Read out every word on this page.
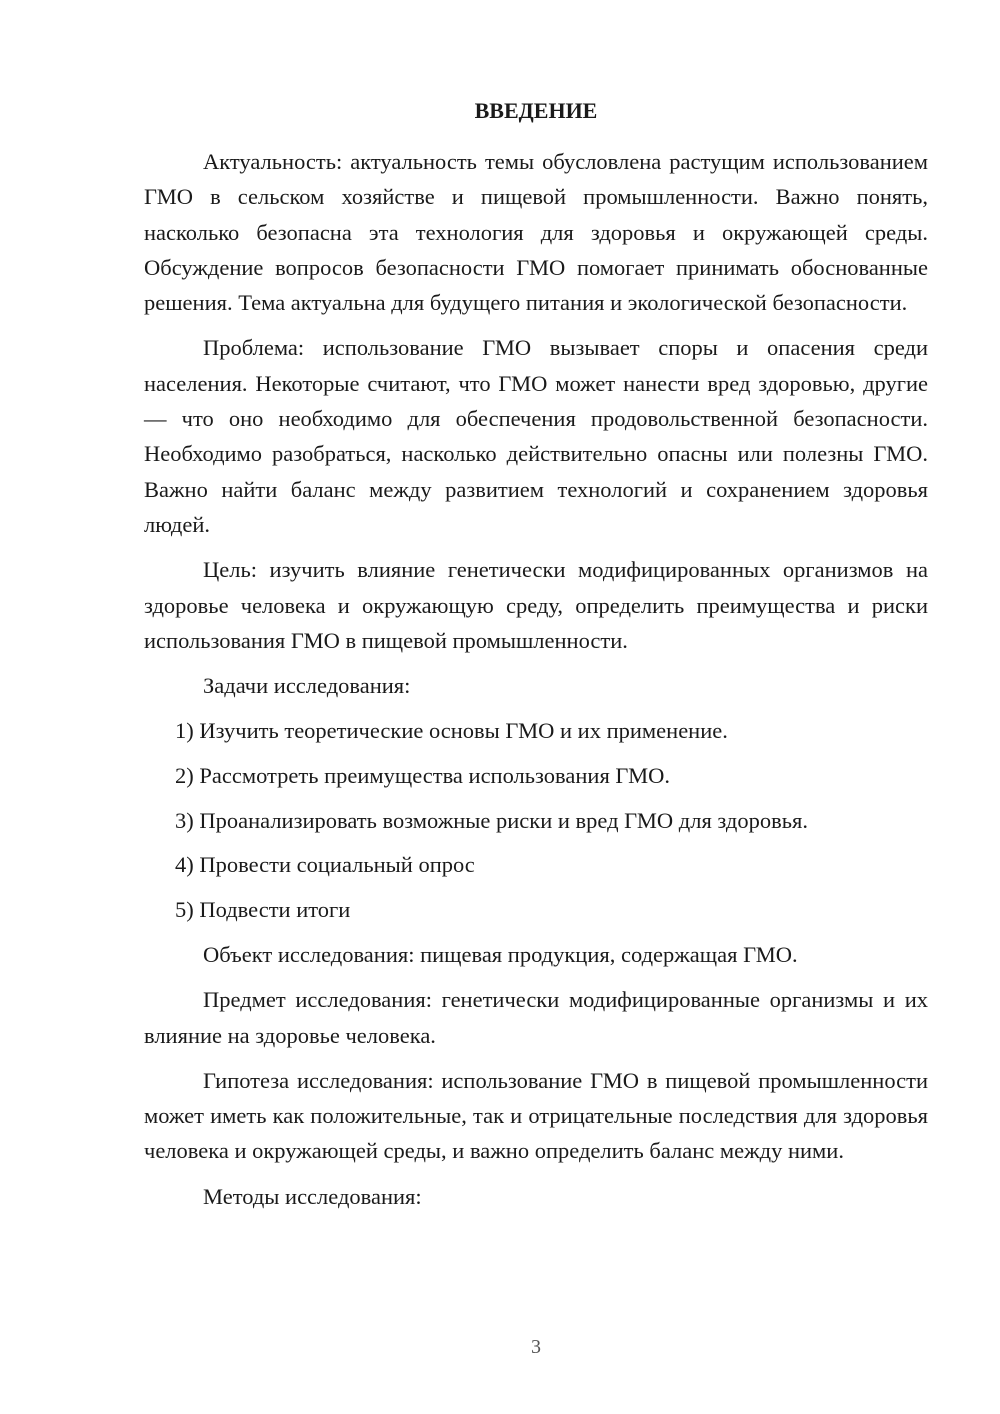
ВВЕДЕНИЕ

Актуальность: актуальность темы обусловлена растущим использованием ГМО в сельском хозяйстве и пищевой промышленности. Важно понять, насколько безопасна эта технология для здоровья и окружающей среды. Обсуждение вопросов безопасности ГМО помогает принимать обоснованные решения. Тема актуальна для будущего питания и экологической безопасности.

Проблема: использование ГМО вызывает споры и опасения среди населения. Некоторые считают, что ГМО может нанести вред здоровью, другие — что оно необходимо для обеспечения продовольственной безопасности. Необходимо разобраться, насколько действительно опасны или полезны ГМО. Важно найти баланс между развитием технологий и сохранением здоровья людей.

Цель: изучить влияние генетически модифицированных организмов на здоровье человека и окружающую среду, определить преимущества и риски использования ГМО в пищевой промышленности.

Задачи исследования:

1) Изучить теоретические основы ГМО и их применение.

2) Рассмотреть преимущества использования ГМО.

3) Проанализировать возможные риски и вред ГМО для здоровья.

4) Провести социальный опрос

5) Подвести итоги

Объект исследования: пищевая продукция, содержащая ГМО.

Предмет исследования: генетически модифицированные организмы и их влияние на здоровье человека.

Гипотеза исследования: использование ГМО в пищевой промышленности может иметь как положительные, так и отрицательные последствия для здоровья человека и окружающей среды, и важно определить баланс между ними.

Методы исследования:

3
